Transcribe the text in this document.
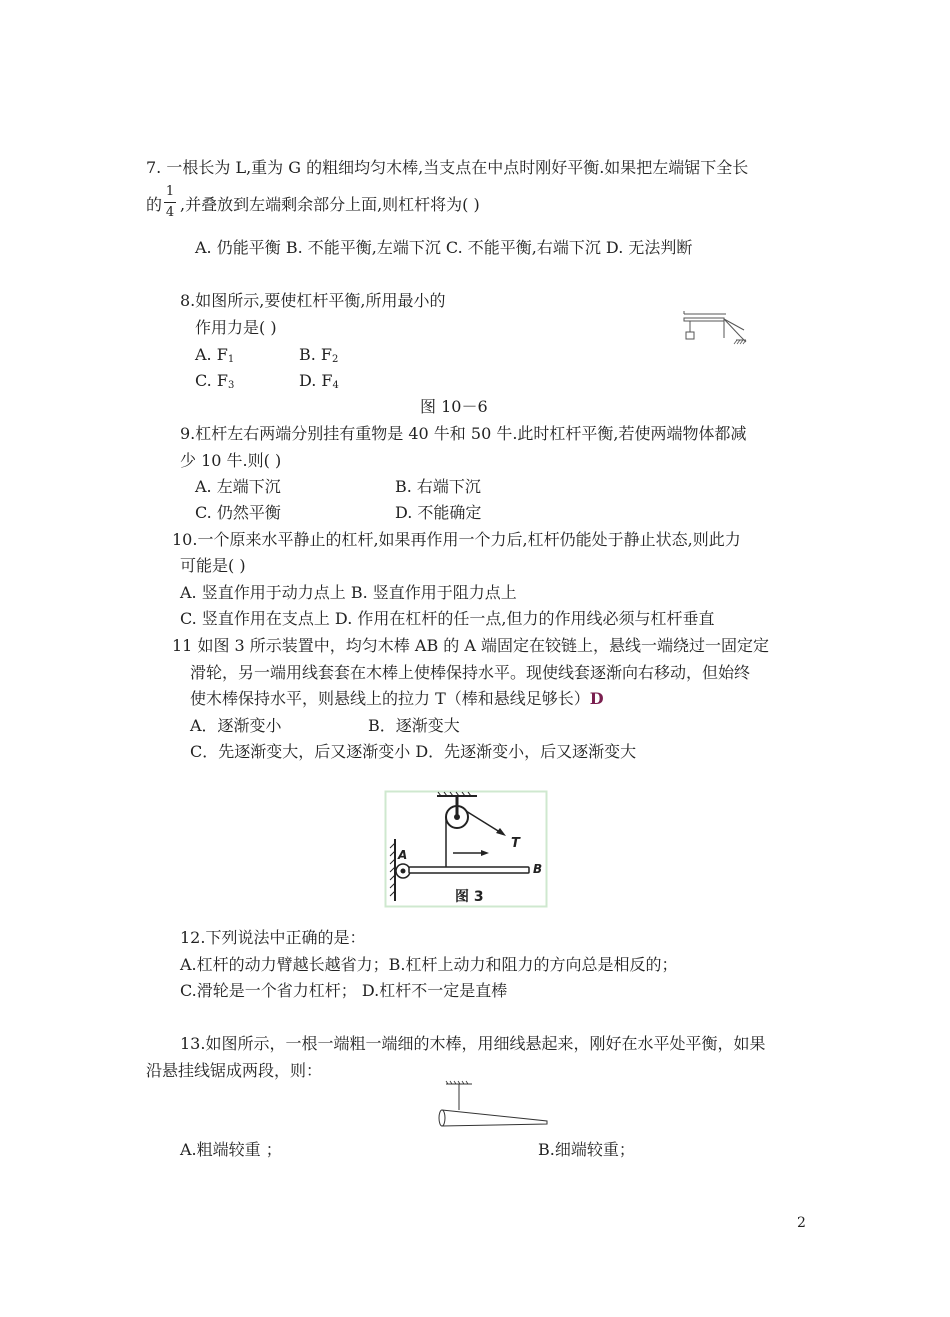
7. 一根长为 L,重为 G 的粗细均匀木棒,当支点在中点时刚好平衡.如果把左端锯下全长
的
1
4 ,并叠放到左端剩余部分上面,则杠杆将为( )
A. 仍能平衡 B. 不能平衡,左端下沉 C. 不能平衡,右端下沉 D. 无法判断
8.如图所示,要使杠杆平衡,所用最小的
作用力是( )
A. $F_1$	B. $F_2$
C. $F_3$	D. $F_4$
图 10－6
9.杠杆左右两端分别挂有重物是 40 牛和 50 牛.此时杠杆平衡,若使两端物体都减
少 10 牛.则( )
A. 左端下沉	B. 右端下沉
C. 仍然平衡	D. 不能确定
10.一个原来水平静止的杠杆,如果再作用一个力后,杠杆仍能处于静止状态,则此力
可能是( )
A. 竖直作用于动力点上 B. 竖直作用于阻力点上
C. 竖直作用在支点上 D. 作用在杠杆的任一点,但力的作用线必须与杠杆垂直
11 如图 3 所示装置中，均匀木棒 AB 的 A 端固定在铰链上，悬线一端绕过一固定定
滑轮，另一端用线套套在木棒上使棒保持水平。现使线套逐渐向右移动，但始终
使木棒保持水平，则悬线上的拉力 T（棒和悬线足够长）D
A．逐渐变小	B．逐渐变大
C．先逐渐变大，后又逐渐变小 D．先逐渐变小，后又逐渐变大
T
A
B
图 3
12.下列说法中正确的是：
A.杠杆的动力臂越长越省力；B.杠杆上动力和阻力的方向总是相反的；
C.滑轮是一个省力杠杆； D.杠杆不一定是直棒
13.如图所示，一根一端粗一端细的木棒，用细线悬起来，刚好在水平处平衡，如果
沿悬挂线锯成两段，则：
A.粗端较重 ；	B.细端较重；
2
